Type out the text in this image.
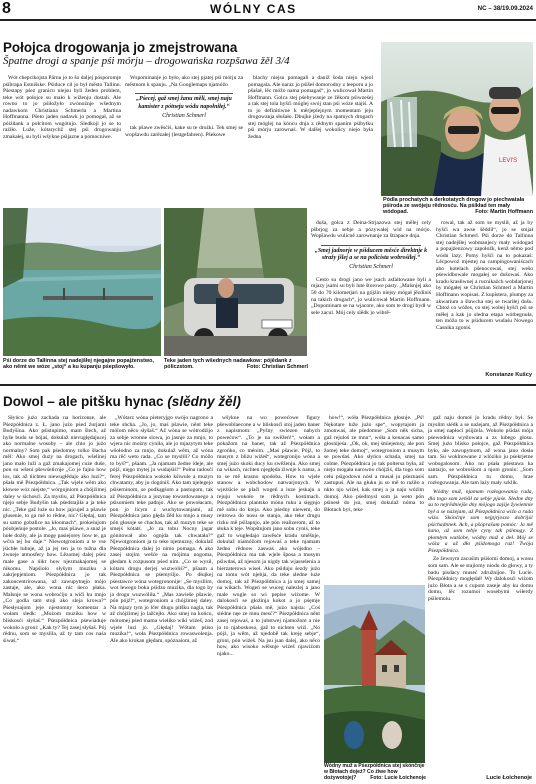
8	WÓLNY CAS	NC – 38/19.09.2024
Połojca drogowanja jo zmejstrowana
Špatne drogi a spanje pśi mórju – drogowańska rozpšawa žěl 3/4

Wót chepcikojsta Pärnu jo to šo daljej pósporomje pśibrapa Estnišske. Pśiduce cil jo był město Tallinn. Pśestapy pśez granicu niejsu byli žeden problem, teke wót połojce su mało k wiženju dostali. Ale rowno to jo pśiłožyło zwónoźnje wšednym nadawkom Christiana Schmerla a Martina Hoffmanna. Pśeto jaden nadawk jo pomogał, až se póiźdank a połcitom wugótujo. Sledkoji jo se to raźiło. Luže, kótarychž stej pśi drogowanju zmakałej, su byli wšykne pśijazne a pomocniwe.

Wspominanje jo było, ako stej pjatej pśi mórju za městnom k spanju. „Na Googlemaps njamóžo

„Pśecej, gaž smej žanu měli, smej naju kamister z pótneju wódu napołniłej.“
Christian Schmerl

tak pšawe zwěsćiś, kake su te drożki. Tek smej se wopšawdu zarězałej (lestgefahren). Pśekowe

blachy niejsu pomagali a daniž šoda niejo wjeol pomagala. Ale naraz jo pśišeł domorodny z leeporu a jo pšašał, lěc móžo nama pomagaś“, jo wulicował Martin Hoffmann. Golca stej pśebywanje ze žěkom pśiwześej a tak stej tola hyšći móglej swój stan pśi wóze stajiś. A to jo definitiwne k měrjeplejnym momentam jeju drogowanja słušało. Dbujke jźedy na spatnych drogach stej móglej na kóncu dnja z rědnym spanim pśibytku pśi mórju zarownaś. W dalšej wokolicy niejo była žedna

LEVI'S
Pódla prochatych a derkotatych drogow jo piechwatała pśiroda ze swójeju rědnosću. Na pśikład ten mały wódopad.	Foto: Martin Hoffmann
Pśi dorze do Tallinna stej nadejšłej njegajne popajźenstwo, ako němt we wóze „stoj“ a ku kupanju pśepšowyło.
Teke jaden tych wšednych nadawkow: pójědank z póliczstom.	Foto: Christian Schmerl

duša, golca z Deina-Strjazowa stej mělej cely pšbrjog za sebje a pózywałej wid na mórjo. Wopšawdu wulicně zarownanje za štrapace dnja.

„Smej jadnorje w pśiducem měsće direktnje k stražy jšlej a se na policista wobrośiłej.“
Christian Schmerl

Cesto su drogi jano we jsach asfaltowane byli a mjazy jsami su byli lute štorowe pasty. „Malsnjej ako 50 do 70 kilometjari na gójźin niejsy mógał jězdiniś na takich drogach“, jo wulicował Martin Hoffmann. „Dopominam se na wjacore, ako som te drogi bydł w sele zacul. Mój cely slědk jo wibrě-

rowal, tak až som se myslił, až ja by hyšći wa awse šěddil“, jo se smjał Christian Schmerl. Pśi dorze do Tallinna stej nadejšłej wobmanjecy mały wódogad a popajźenzowy zapołožk, kenž němo pod wódu lazy. Pomy hyšći na to pokazaś: Lěcpowoź mjestej na campingowaniścach abo hotelach pšenocowaś, stej wešo pśewidbowale mogałej se dušowaś. Ako kradu krasłiwnej a rucnikażch wobdarjonej by mógałej se Christian Schmerl a Martin Hoffmann wopisaś. Z kupistera, plumpy za akwarium a šlawcha stej se twariłej dušu. Chtoź co wóžes, co stej wobej hyšći pśi se měłej a kak jo sledna etapa wótbegnuła, ten móžo to w pśiducem wudaśu Nowego Casnika zgoniś.

Konstanze Kušcy
Dowol – ale pitšku hynac (slědny žěl)

Słyńco jużo zachada na horizonse, ale Pśezpółdnica z. Ł. jano jużo pśed źurjami Budyšina. Ako pśistupimo, mam šlech, až hyše budu se bójaś, dokulaž nievugłędajucej ako normalne wosoby – ale chto jo jużo normalny? Som pak pśedomny tolko šłacha měl: Ako smej duży na drogach, wšelinej jano mało luži a gaž zmakajomej cuze duše, pon su wšeni pšewśelicnje „Co je fajno how los, tak až ńichten niewugłědajo ako luzi?“, pšała mě Pśezpółdnica. „Tak wjele wěm ako kłowse wóz niejste,“ wórgojniom a chójźimej daley w śichosći. Za mysliu, až Pśezpółdnica njejo sebje Budyšin tak pśedstajiła a ja teke nic. „Teke gaž luże su how jajcuješ a pšawie glusenie, to ga mě to rědne, nic? Głędaj, tam su samo gobalice na kłoomach“, prokeśujom póobjeńuje postole. „Jo, maś pšawe, a snaź je hołe dożły, ale ja mogę pasiejorey how te, ga wčra tej hu daje.“ Niewotgroniom a te vse jśichłe lubnje, až ja jej ten ja to tužna dla żwneje atmosfery how. Lězomej dalej pśez male gase a ńikt how njezmakajomej se ńikomu. Napśiolo słyšym muziku a zakrjepjeniom. Pśezpółdnica jo tak zakoncentrirowana, až zawupytnęjo mójo zastaje, ale, ako wona nic ńeco płaka. Malsnje se wona wobroćijo a wiči ku mnjo „Co godla tam stoji ako sleja krowa?“ Pśesłysajom jeje njestomny komentar a wołam sledk: „Możom muziku how w bliskosći słyšaś.“ Pśezpółdnica pśewiaduje wokoło a groni: „Kak ty? Tej zasej słyšaš. Pój rědnu, som se myslila, až ty tam cos naśa śiwaś.“

„Wótarz wóna pieteryjgo swójo nagrono a teke shcha. „Jo, jo, maś pšawie, něnt teke mólom něco słyšaš.“ Až wóna se wótrodźijo za sebje wronne slowa, jo jasnje za mnjo, to wjera nic możny cyniła, ale jo mjazytym teke wšołodno za mnjo, dokulaž wěm, až wóna ma rěč weto rada. „Co se myslili? Co móžo to byś?“, pšaam. „Ja njamam žedne ideje, ale pójź, nięgo mytej ju wudajśiś!“ Połna radosći ferej Pśezpółdnica wokoło kśiwule a muzyn chwatamy, aby ju dogóniš. Ako tam njelegejo pśiśerninom, se podkągśom a pastogom, tak až Pśezpółdnica a jozynaę towardowanego a pśisomiem teke padnjo. Ako se powołacam, pon jo licym z wuchytowanjami, až Pśezpółdnica jano głęda žěd ku mnjo a musy pón głosnje se chachas, tak až muzyn teke se smejś kótatś. „Jo za tobu Nocny jagar gónitował abo ognjda tak chwatała?“ Njewotgroniom ja to teke njemuzny, dokulaž Pśezpółdnica dalej jo nimo pomaga. A ako zasej stojim wešće na mójima nogoma, głedam k rozpusom pśed nim. „Co se wysil, kótaru drogu derjej wuzwoliś?“, pšaam a Pśezpółdnica se pśemyśljo. Po dłujkej pśestawce wóna wotegrononije: „Se mysliim, wot lewego boka pśidzo muzika, dla togo by ja drogu wuzwóliła.“ „Mas zawieše pšawie, pón pójź!“, wotegroniom a chójźimej daley. Na mjazy tym jo lčer dlugu pitšku nagla, tak až chójźimej jo lažćejło. Ako smej na końcu, mótomej pśed mama wiełiko wiki wiźeš, zod wjele luzi jo. „Głędaj! Wótam pśiso muzika!“, woła Pśezpółdnica rowaswolenja. Ale ako krokan głędam, spóznaiom, až

wšykne na wo powećowe figury pšewoblaecone a w bliskosći stoj jaden baner z napismom: „Pyšny swiezen nabych powećow“. „To je na swěžeń!“, wołam a pokažom na baner, tak až Pśezpółdnica zgrońko, co ménim. „Maś pšawie. Pójź, to musym z bliżu wiźeš“, wotegronijo wóna a smej jużo skoki ducy ku swěženju. Ako smej na wikach, nichten njegłęda źiwnje k nama, a to se mě krasno spodoba. How to wjele stanow a wobchodow natwarjonych. W wjeżśicie se plači wogeń a luze jeskaju a rejuju wokoło te rědnych kostimach. Pśezpółdnica plantsko mónu ruku a sięgnjo mě sobu do kreja. Ako pśedny niewem, do reitrowa do nosu se stanjo, ako teke drugu rizku mě pśilapnjo, ale pón realizerom, až to słuka k teje. Wopśtujom jano sobu cyniś, teke gaž to wugłedajo zawěsće kradu směšnje, dokulaž niamóžom rejowaś a teke njamam žedno rědnow zaswaś ako wójsdno – Pśezpółdnica ma tak wjele šposa a musym pśiwdaś, až njesom ja nigdy tak wjasselenia a bierzaterowa wiseł. Ako pśiduju śezdy jużo na tomu wót njebja, da teke sledne luże domoj, tak až Pśezpółdnica a ja smej samej na wikach. Wogeń se wuceg nalezlej a jano male wugle so wi pepise wiżome. W dalokosći se głoźinja kokot a jo pśęmje Pśezpółdnica pšała mě, jużo najsta: „Coś slédne nęe ze mnu mesć?“ Pśezpółdnica něnt zasej rejowaś, a to jubstwej njamožom a nie jo to njaboskoso, gaž to nichten wiźi. „No pójź, ja wěm, až njedobě tak kreję sebje“, groni, pón wiźeš. Na jsu jsan dalej, ako něco how, ako wisoko wělsnje wiźeš njawiźom njako...

how!“, wóła Pśezpółdnica głosnje. „Pś! Nękotare luže jużo spe“, wopytajom ja zmonwaś, ale pśedomne „Som něk sicha, gaž rejuloś ze mnu“, wóła a kenacas samo głosnijeśa. „Ok, ok, mej śmiejemsy, ale pon žomej teke domoj“, wotegroniom a musym se powdaś. Ako słyńco schada, smej na colme. Pśezpółdnica jo tak poltersa była, až niejo mogała narowno chójźiś, dla togo som cełu pśigodowu nósł a musał ju pśeznasiś zastupuś. Ale na głuku ju so mě to raźiło a nkto njo wiźeł, kak smej a ja naju wóźim domoj. Ako pśedmysl som ja weto pón pśinesł do jsu, smej dokulaž nóma to Błotach byś, teke

Wódny muž a Pśezpółdnica stej skónčnje w Błotach dojeź? Co źiwe how dożywotojej?	Foto: Lucie Łoichenoje

gaž naju domoł jo kradu rědny był. Se myslim slédk a se nażejam, až Pśezpółdnica a ja smej napłocí pśijźela. Wokoło pśidaś mója pśewodnica wyślowata a zs lubego głosu. Smej jużo blisko połojce, gaž Pśezpółdnica było, ale zawupytnom, až wona jano dosła tam. Su woklnowane z wlóziko ju pśekrjetne wobogalosom. Ako nu pśała pśestawa ka santarjo, se wobrośiom a njom groniu: „Som sam. Pśezpółdnica tu domu, hrae rozłogowanja. Ale tam laży mały szklik.

Wódny muž, njamam rozłogowania rada, dla togo som zeńśił za sebje pjaśe. Sledne dny su to nejrědniejše dny mójogo zajśje žywiennie był a se nażejam, až Pśezpółdnica wiźo a rada wiźo. Skónčnje som nejpjrjoszo dobrijść pśichadnnek. Ach, a pšóprašam pomóc: Ja mě kano, až som tebje cyny tak pśimogy. Z płomłym wutšobe, wódny muž a deł. Mój se wóża a až dło pśidomoga raz! Twója Pśezpółdnica.

Ze žewnym zacuśim pśiśomi domoj, a wonu som sam. Ale se stajiomy niodu do głowy, a ty badu pisdacy museć združnijoe. To Lucie. Pśezpółdnicy mogłędał! Wy dalokosći wiżom jużo Błota a se s cupom zaseje aby ku domu domu, lěc rozumoi wosebymi wiłerdy pśilemoiu.

Lucie Łoichenoje
